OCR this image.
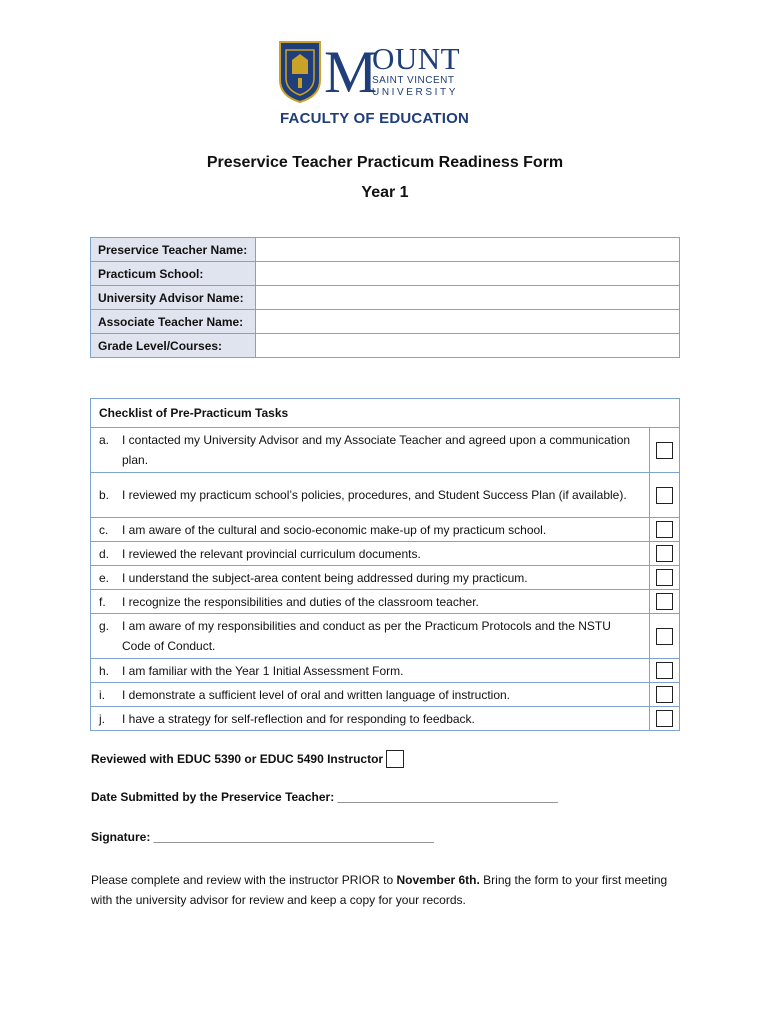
M
OUNT
SAINT VINCENT
UNIVERSITY
FACULTY OF EDUCATION
Preservice Teacher Practicum Readiness Form
Year 1
Preservice Teacher Name:	
Practicum School:	
University Advisor Name:	
Associate Teacher Name:	
Grade Level/Courses:	
Checklist of Pre-Practicum Tasks	

a. I contacted my University Advisor and my Associate Teacher and agreed upon a communication plan.	

b. I reviewed my practicum school’s policies, procedures, and Student Success Plan (if available).	

c. I am aware of the cultural and socio-economic make-up of my practicum school.	

d. I reviewed the relevant provincial curriculum documents.	

e. I understand the subject-area content being addressed during my practicum.	

f. I recognize the responsibilities and duties of the classroom teacher.	

g. I am aware of my responsibilities and conduct as per the Practicum Protocols and the NSTU Code of Conduct.	

h. I am familiar with the Year 1 Initial Assessment Form.	

i. I demonstrate a sufficient level of oral and written language of instruction.	

j. I have a strategy for self-reflection and for responding to feedback.	

Reviewed with EDUC 5390 or EDUC 5490 Instructor
Date Submitted by the Preservice Teacher: _________________________________
Signature: __________________________________________
Please complete and review with the instructor PRIOR to November 6th. Bring the form to your first meeting with the university advisor for review and keep a copy for your records.
